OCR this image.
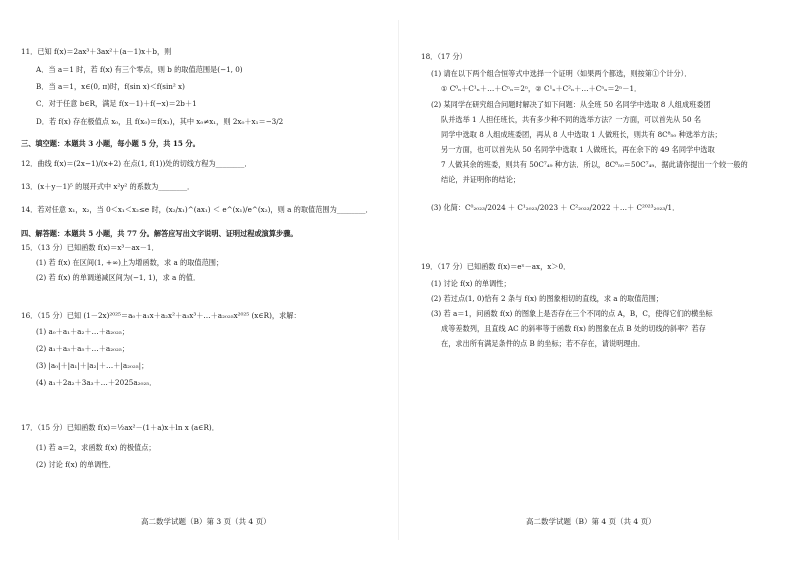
11．已知 f(x)＝2ax³＋3ax²＋(a－1)x＋b，则
A．当 a＝1 时，若 f(x) 有三个零点，则 b 的取值范围是(−1, 0)
B．当 a＝1，x∈(0, π)时，f(sin x)＜f(sin² x)
C．对于任意 b∈R，满足 f(x－1)＋f(−x)＝2b＋1
D．若 f(x) 存在极值点 x₀，且 f(x₀)＝f(x₁)，其中 x₀≠x₁，则 2x₀＋x₁＝−3/2
三、填空题：本题共 3 小题，每小题 5 分，共 15 分。
12．曲线 f(x)＝(2x−1)/(x+2) 在点(1, f(1))处的切线方程为________．
13．(x＋y－1)⁵ 的展开式中 x²y² 的系数为________．
14．若对任意 x₁，x₂，当 0＜x₁＜x₂≤e 时，(x₂/x₁)^(ax₁) ＜ e^(x₁)/e^(x₂)，则 a 的取值范围为________．
四、解答题：本题共 5 小题，共 77 分。解答应写出文字说明、证明过程或演算步骤。
15．（13 分）已知函数 f(x)＝x³－ax－1．
(1) 若 f(x) 在区间(1, +∞)上为增函数，求 a 的取值范围；
(2) 若 f(x) 的单调递减区间为(−1, 1)，求 a 的值．
16．（15 分）已知 (1－2x)²⁰²⁵＝a₀＋a₁x＋a₂x²＋a₃x³＋…＋a₂₀₂₅x²⁰²⁵ (x∈R)，求解：
(1) a₀＋a₁＋a₂＋…＋a₂₀₂₅；
(2) a₁＋a₃＋a₅＋…＋a₂₀₂₅；
(3) |a₀|＋|a₁|＋|a₂|＋…＋|a₂₀₂₅|；
(4) a₁＋2a₂＋3a₃＋…＋2025a₂₀₂₅．
17．（15 分）已知函数 f(x)＝½ax²－(1＋a)x＋ln x (a∈R)．
(1) 若 a＝2，求函数 f(x) 的极值点；
(2) 讨论 f(x) 的单调性．
高二数学试题（B）第 3 页（共 4 页）
18．（17 分）
(1) 请在以下两个组合恒等式中选择一个证明（如果两个都选，则按第①个计分）．
① C⁰ₙ＋C¹ₙ＋…＋Cⁿₙ＝2ⁿ，② C¹ₙ＋C²ₙ＋…＋Cⁿₙ＝2ⁿ－1．
(2) 某同学在研究组合问题时解决了如下问题：从全班 50 名同学中选取 8 人组成班委团
队并选举 1 人担任班长，共有多少种不同的选举方法？一方面，可以首先从 50 名
同学中选取 8 人组成班委团，再从 8 人中选取 1 人做班长，则共有 8C⁸₅₀ 种选举方法；
另一方面，也可以首先从 50 名同学中选取 1 人做班长，再在余下的 49 名同学中选取
7 人做其余的班委，则共有 50C⁷₄₉ 种方法．所以，8C⁸₅₀＝50C⁷₄₉．据此请你提出一个较一般的
结论，并证明你的结论；
(3) 化简：C⁰₂₀₂₃/2024 ＋ C¹₂₀₂₃/2023 ＋ C²₂₀₂₃/2022 ＋…＋ C²⁰²³₂₀₂₃/1．
19．（17 分）已知函数 f(x)＝eˣ－ax，x＞0．
(1) 讨论 f(x) 的单调性；
(2) 若过点(1, 0)恰有 2 条与 f(x) 的图象相切的直线，求 a 的取值范围；
(3) 若 a＝1，问函数 f(x) 的图象上是否存在三个不同的点 A，B，C，使得它们的横坐标
成等差数列，且直线 AC 的斜率等于函数 f(x) 的图象在点 B 处的切线的斜率？若存
在，求出所有满足条件的点 B 的坐标；若不存在，请说明理由．
高二数学试题（B）第 4 页（共 4 页）
